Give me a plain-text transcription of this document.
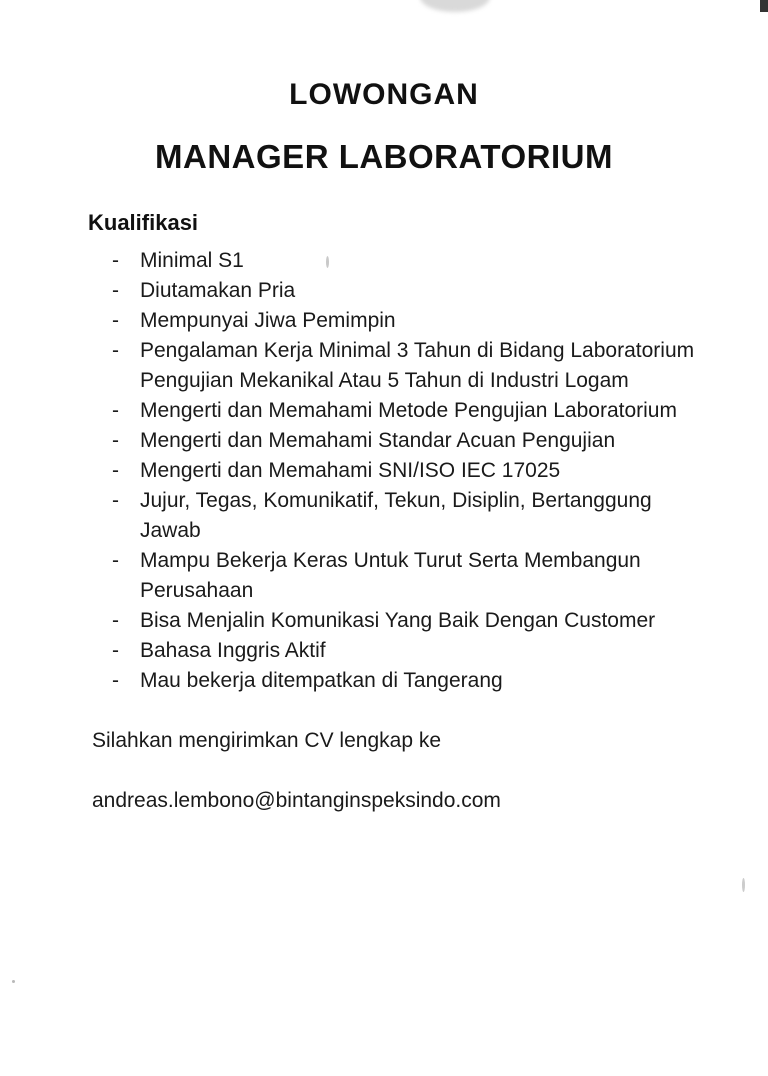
LOWONGAN
MANAGER LABORATORIUM
Kualifikasi
- Minimal S1
- Diutamakan Pria
- Mempunyai Jiwa Pemimpin
- Pengalaman Kerja Minimal 3 Tahun di Bidang Laboratorium Pengujian Mekanikal Atau 5 Tahun di Industri Logam
- Mengerti dan Memahami Metode Pengujian Laboratorium
- Mengerti dan Memahami Standar Acuan Pengujian
- Mengerti dan Memahami SNI/ISO IEC 17025
- Jujur, Tegas, Komunikatif, Tekun, Disiplin, Bertanggung Jawab
- Mampu Bekerja Keras Untuk Turut Serta Membangun Perusahaan
- Bisa Menjalin Komunikasi Yang Baik Dengan Customer
- Bahasa Inggris Aktif
- Mau bekerja ditempatkan di Tangerang
Silahkan mengirimkan CV lengkap ke
andreas.lembono@bintanginspeksindo.com
